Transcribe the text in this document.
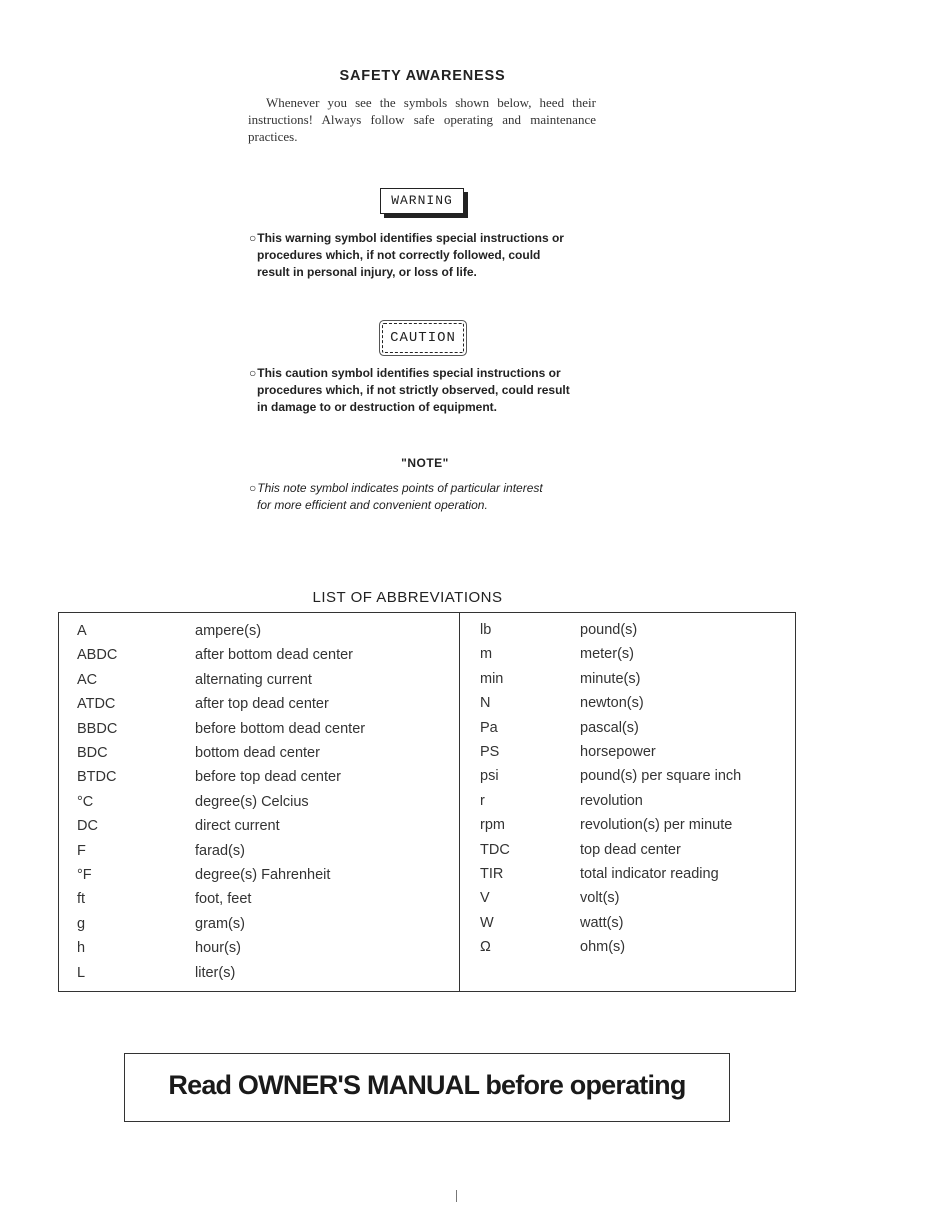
SAFETY AWARENESS
Whenever you see the symbols shown below, heed their instructions! Always follow safe operating and maintenance practices.
WARNING
○This warning symbol identifies special instructions or
procedures which, if not correctly followed, could
result in personal injury, or loss of life.
CAUTION
○This caution symbol identifies special instructions or
procedures which, if not strictly observed, could result
in damage to or destruction of equipment.
"NOTE"
○This note symbol indicates points of particular interest
for more efficient and convenient operation.
LIST OF ABBREVIATIONS
A	ampere(s)
ABDC	after bottom dead center
AC	alternating current
ATDC	after top dead center
BBDC	before bottom dead center
BDC	bottom dead center
BTDC	before top dead center
°C	degree(s) Celcius
DC	direct current
F	farad(s)
°F	degree(s) Fahrenheit
ft	foot, feet
g	gram(s)
h	hour(s)
L	liter(s)
lb	pound(s)
m	meter(s)
min	minute(s)
N	newton(s)
Pa	pascal(s)
PS	horsepower
psi	pound(s) per square inch
r	revolution
rpm	revolution(s) per minute
TDC	top dead center
TIR	total indicator reading
V	volt(s)
W	watt(s)
Ω	ohm(s)
Read OWNER'S MANUAL before operating
